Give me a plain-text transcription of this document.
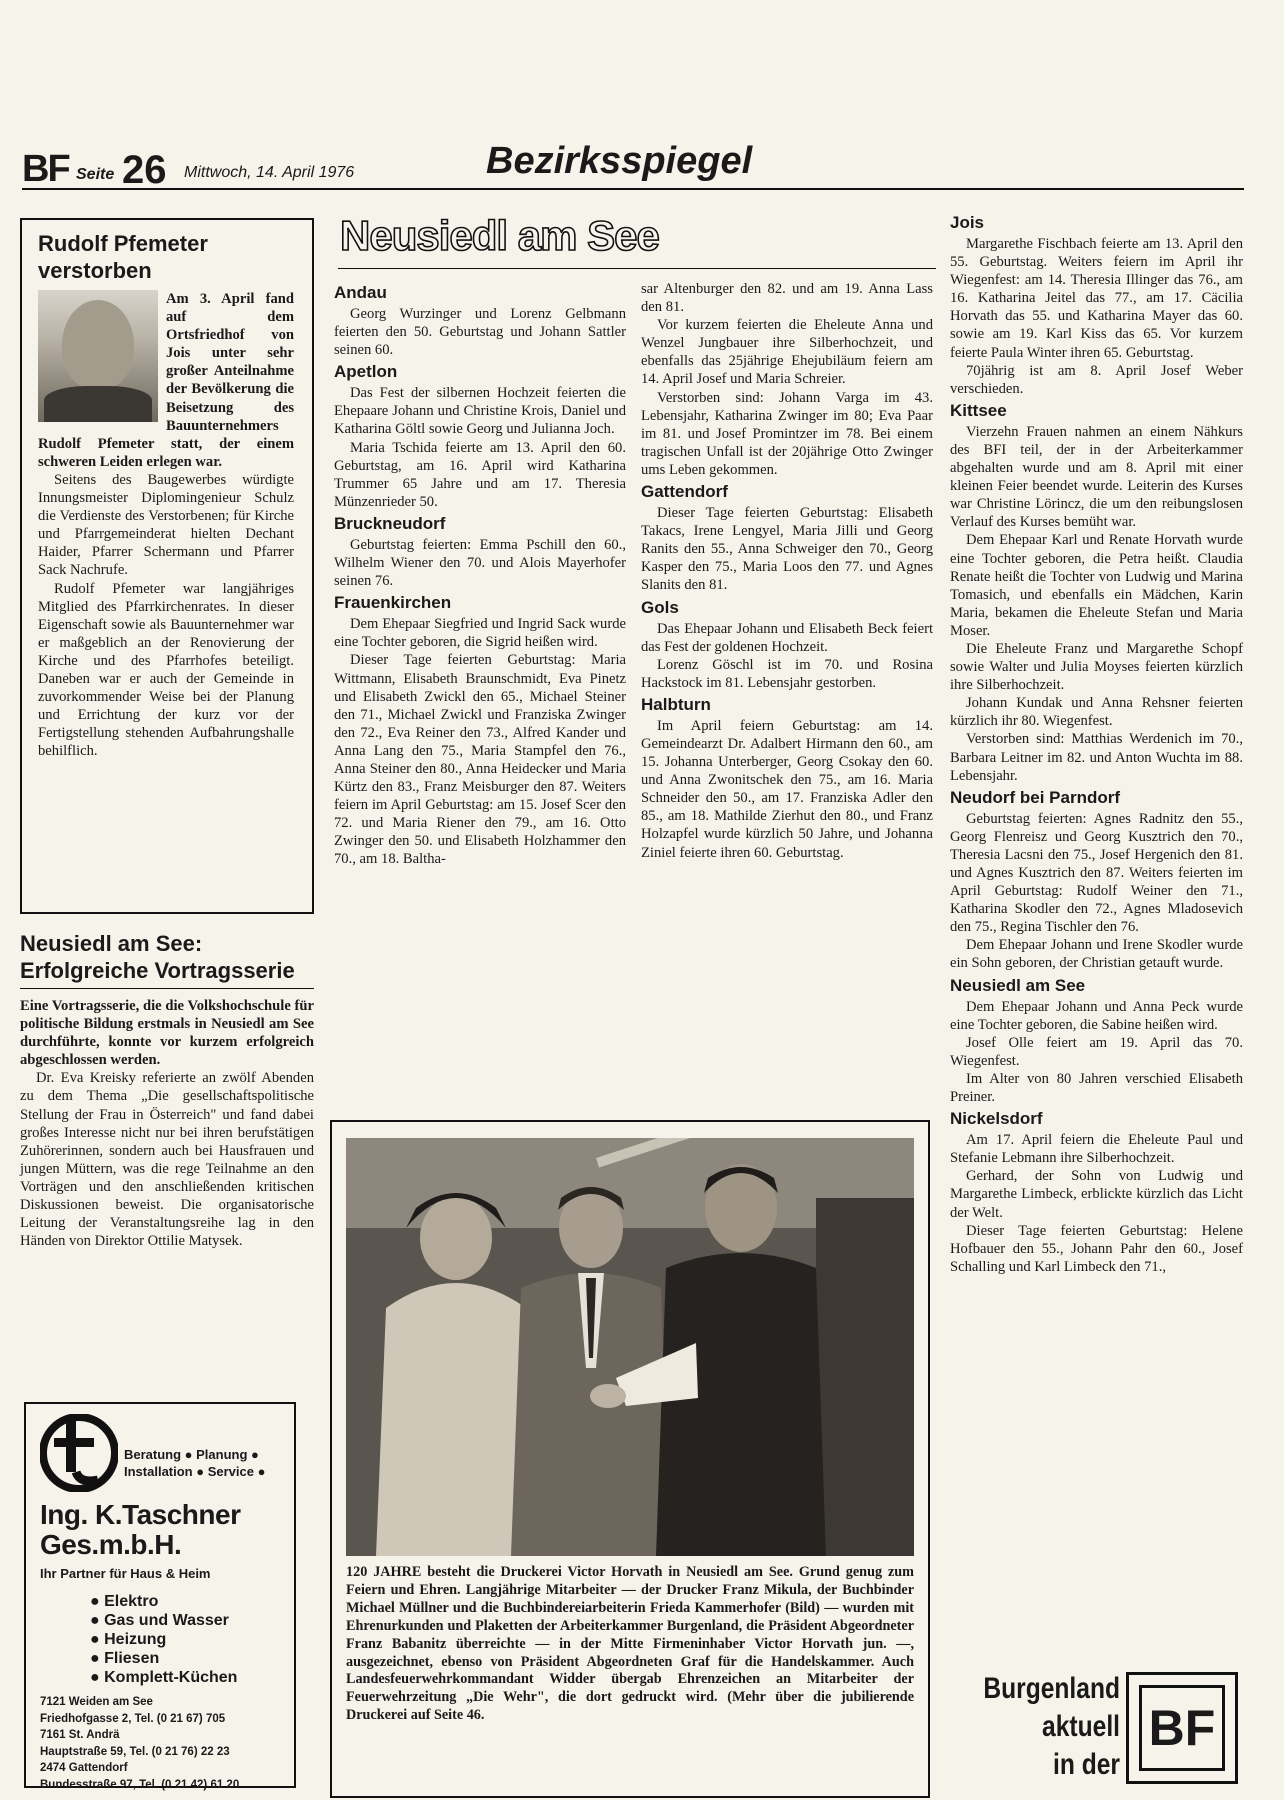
BF Seite 26 Mittwoch, 14. April 1976	Bezirksspiegel
Rudolf Pfemeter verstorben

Am 3. April fand auf dem Ortsfriedhof von Jois unter sehr großer Anteilnahme der Bevölkerung die Beisetzung des Bauunternehmers Rudolf Pfemeter statt, der einem schweren Leiden erlegen war.

Seitens des Baugewerbes würdigte Innungsmeister Diplomingenieur Schulz die Verdienste des Verstorbenen; für Kirche und Pfarrgemeinderat hielten Dechant Haider, Pfarrer Schermann und Pfarrer Sack Nachrufe.

Rudolf Pfemeter war langjähriges Mitglied des Pfarrkirchenrates. In dieser Eigenschaft sowie als Bauunternehmer war er maßgeblich an der Renovierung der Kirche und des Pfarrhofes beteiligt. Daneben war er auch der Gemeinde in zuvorkommender Weise bei der Planung und Errichtung der kurz vor der Fertigstellung stehenden Aufbahrungshalle behilflich.

Neusiedl am See: Erfolgreiche Vortragsserie

Eine Vortragsserie, die die Volkshochschule für politische Bildung erstmals in Neusiedl am See durchführte, konnte vor kurzem erfolgreich abgeschlossen werden.

Dr. Eva Kreisky referierte an zwölf Abenden zu dem Thema „Die gesellschaftspolitische Stellung der Frau in Österreich" und fand dabei großes Interesse nicht nur bei ihren berufstätigen Zuhörerinnen, sondern auch bei Hausfrauen und jungen Müttern, was die rege Teilnahme an den Vorträgen und den anschließenden kritischen Diskussionen beweist. Die organisatorische Leitung der Veranstaltungsreihe lag in den Händen von Direktor Ottilie Matysek.

Beratung ● Planung ●
Installation ● Service ●
Ing. K.Taschner
Ges.m.b.H.
Ihr Partner für Haus & Heim
● Elektro
● Gas und Wasser
● Heizung
● Fliesen
● Komplett-Küchen
7121 Weiden am See
Friedhofgasse 2, Tel. (0 21 67) 705
7161 St. Andrä
Hauptstraße 59, Tel. (0 21 76) 22 23
2474 Gattendorf
Bundesstraße 97, Tel. (0 21 42) 61 20
Neusiedl am See
Andau

Georg Wurzinger und Lorenz Gelbmann feierten den 50. Geburtstag und Johann Sattler seinen 60.

Apetlon

Das Fest der silbernen Hochzeit feierten die Ehepaare Johann und Christine Krois, Daniel und Katharina Göltl sowie Georg und Julianna Joch.

Maria Tschida feierte am 13. April den 60. Geburtstag, am 16. April wird Katharina Trummer 65 Jahre und am 17. Theresia Münzenrieder 50.

Bruckneudorf

Geburtstag feierten: Emma Pschill den 60., Wilhelm Wiener den 70. und Alois Mayerhofer seinen 76.

Frauenkirchen

Dem Ehepaar Siegfried und Ingrid Sack wurde eine Tochter geboren, die Sigrid heißen wird.

Dieser Tage feierten Geburtstag: Maria Wittmann, Elisabeth Braunschmidt, Eva Pinetz und Elisabeth Zwickl den 65., Michael Steiner den 71., Michael Zwickl und Franziska Zwinger den 72., Eva Reiner den 73., Alfred Kander und Anna Lang den 75., Maria Stampfel den 76., Anna Steiner den 80., Anna Heidecker und Maria Kürtz den 83., Franz Meisburger den 87. Weiters feiern im April Geburtstag: am 15. Josef Scer den 72. und Maria Riener den 79., am 16. Otto Zwinger den 50. und Elisabeth Holzhammer den 70., am 18. Baltha-

sar Altenburger den 82. und am 19. Anna Lass den 81.

Vor kurzem feierten die Eheleute Anna und Wenzel Jungbauer ihre Silberhochzeit, und ebenfalls das 25jährige Ehejubiläum feiern am 14. April Josef und Maria Schreier.

Verstorben sind: Johann Varga im 43. Lebensjahr, Katharina Zwinger im 80; Eva Paar im 81. und Josef Promintzer im 78. Bei einem tragischen Unfall ist der 20jährige Otto Zwinger ums Leben gekommen.

Gattendorf

Dieser Tage feierten Geburtstag: Elisabeth Takacs, Irene Lengyel, Maria Jilli und Georg Ranits den 55., Anna Schweiger den 70., Georg Kasper den 75., Maria Loos den 77. und Agnes Slanits den 81.

Gols

Das Ehepaar Johann und Elisabeth Beck feiert das Fest der goldenen Hochzeit.

Lorenz Göschl ist im 70. und Rosina Hackstock im 81. Lebensjahr gestorben.

Halbturn

Im April feiern Geburtstag: am 14. Gemeindearzt Dr. Adalbert Hirmann den 60., am 15. Johanna Unterberger, Georg Csokay den 60. und Anna Zwonitschek den 75., am 16. Maria Schneider den 50., am 17. Franziska Adler den 85., am 18. Mathilde Zierhut den 80., und Franz Holzapfel wurde kürzlich 50 Jahre, und Johanna Ziniel feierte ihren 60. Geburtstag.

Jois

Margarethe Fischbach feierte am 13. April den 55. Geburtstag. Weiters feiern im April ihr Wiegenfest: am 14. Theresia Illinger das 76., am 16. Katharina Jeitel das 77., am 17. Cäcilia Horvath das 55. und Katharina Mayer das 60. sowie am 19. Karl Kiss das 65. Vor kurzem feierte Paula Winter ihren 65. Geburtstag.

70jährig ist am 8. April Josef Weber verschieden.

Kittsee

Vierzehn Frauen nahmen an einem Nähkurs des BFI teil, der in der Arbeiterkammer abgehalten wurde und am 8. April mit einer kleinen Feier beendet wurde. Leiterin des Kurses war Christine Lörincz, die um den reibungslosen Verlauf des Kurses bemüht war.

Dem Ehepaar Karl und Renate Horvath wurde eine Tochter geboren, die Petra heißt. Claudia Renate heißt die Tochter von Ludwig und Marina Tomasich, und ebenfalls ein Mädchen, Karin Maria, bekamen die Eheleute Stefan und Maria Moser.

Die Eheleute Franz und Margarethe Schopf sowie Walter und Julia Moyses feierten kürzlich ihre Silberhochzeit.

Johann Kundak und Anna Rehsner feierten kürzlich ihr 80. Wiegenfest.

Verstorben sind: Matthias Werdenich im 70., Barbara Leitner im 82. und Anton Wuchta im 88. Lebensjahr.

Neudorf bei Parndorf

Geburtstag feierten: Agnes Radnitz den 55., Georg Flenreisz und Georg Kusztrich den 70., Theresia Lacsni den 75., Josef Hergenich den 81. und Agnes Kusztrich den 87. Weiters feierten im April Geburtstag: Rudolf Weiner den 71., Katharina Skodler den 72., Agnes Mladosevich den 75., Regina Tischler den 76.

Dem Ehepaar Johann und Irene Skodler wurde ein Sohn geboren, der Christian getauft wurde.

Neusiedl am See

Dem Ehepaar Johann und Anna Peck wurde eine Tochter geboren, die Sabine heißen wird.

Josef Olle feiert am 19. April das 70. Wiegenfest.

Im Alter von 80 Jahren verschied Elisabeth Preiner.

Nickelsdorf

Am 17. April feiern die Eheleute Paul und Stefanie Lebmann ihre Silberhochzeit.

Gerhard, der Sohn von Ludwig und Margarethe Limbeck, erblickte kürzlich das Licht der Welt.

Dieser Tage feierten Geburtstag: Helene Hofbauer den 55., Johann Pahr den 60., Josef Schalling und Karl Limbeck den 71.,

120 JAHRE besteht die Druckerei Victor Horvath in Neusiedl am See. Grund genug zum Feiern und Ehren. Langjährige Mitarbeiter — der Drucker Franz Mikula, der Buchbinder Michael Müllner und die Buchbindereiarbeiterin Frieda Kammerhofer (Bild) — wurden mit Ehrenurkunden und Plaketten der Arbeiterkammer Burgenland, die Präsident Abgeordneter Franz Babanitz überreichte — in der Mitte Firmeninhaber Victor Horvath jun. —, ausgezeichnet, ebenso von Präsident Abgeordneten Graf für die Handelskammer. Auch Landesfeuerwehrkommandant Widder übergab Ehrenzeichen an Mitarbeiter der Feuerwehrzeitung „Die Wehr", die dort gedruckt wird. (Mehr über die jubilierende Druckerei auf Seite 46.
Burgenland
aktuell
in der
BF
